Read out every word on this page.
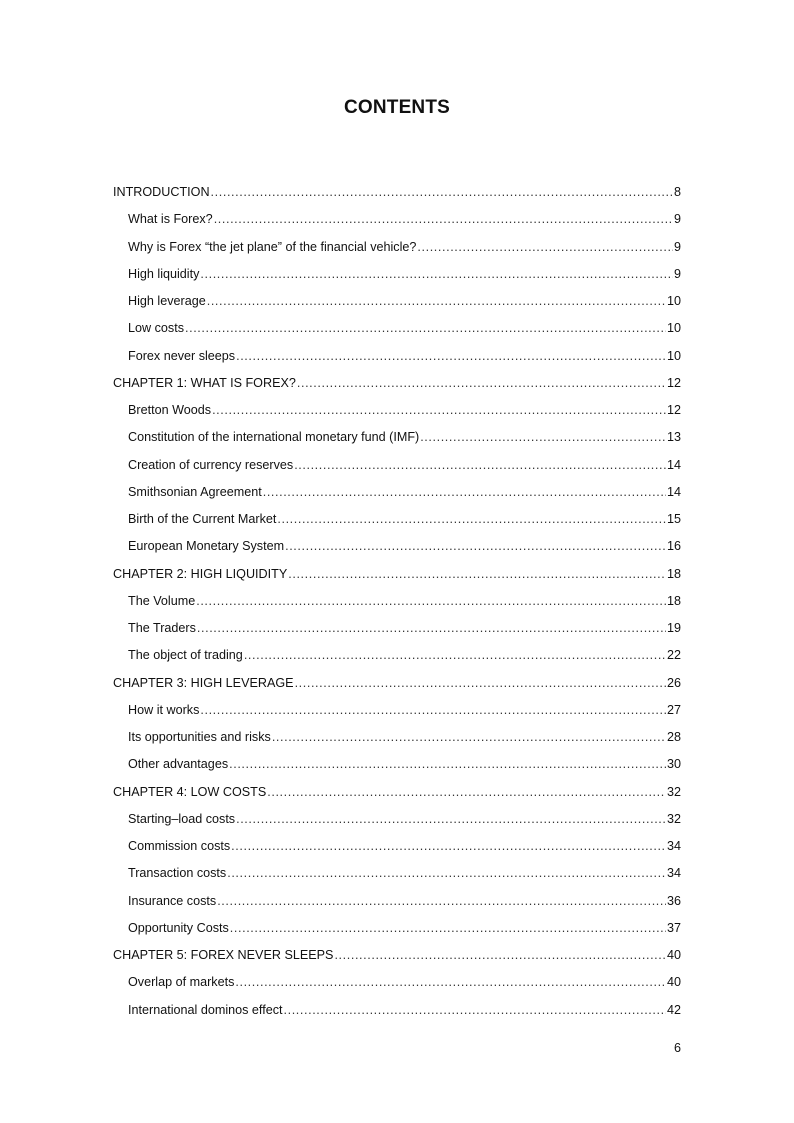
CONTENTS
INTRODUCTION .....	8
What is Forex? .....	9
Why is Forex “the jet plane” of the financial vehicle? .....	9
High liquidity .....	9
High leverage .....	10
Low costs .....	10
Forex never sleeps .....	10
CHAPTER 1: WHAT IS FOREX? .....	12
Bretton Woods .....	12
Constitution of the international monetary fund (IMF) .....	13
Creation of currency reserves .....	14
Smithsonian Agreement .....	14
Birth of the Current Market .....	15
European Monetary System .....	16
CHAPTER 2: HIGH LIQUIDITY .....	18
The Volume .....	18
The Traders .....	19
The object of trading .....	22
CHAPTER 3: HIGH LEVERAGE .....	26
How it works .....	27
Its opportunities and risks .....	28
Other advantages .....	30
CHAPTER 4: LOW COSTS .....	32
Starting–load costs .....	32
Commission costs .....	34
Transaction costs .....	34
Insurance costs .....	36
Opportunity Costs .....	37
CHAPTER 5: FOREX NEVER SLEEPS .....	40
Overlap of markets .....	40
International dominos effect .....	42
6
